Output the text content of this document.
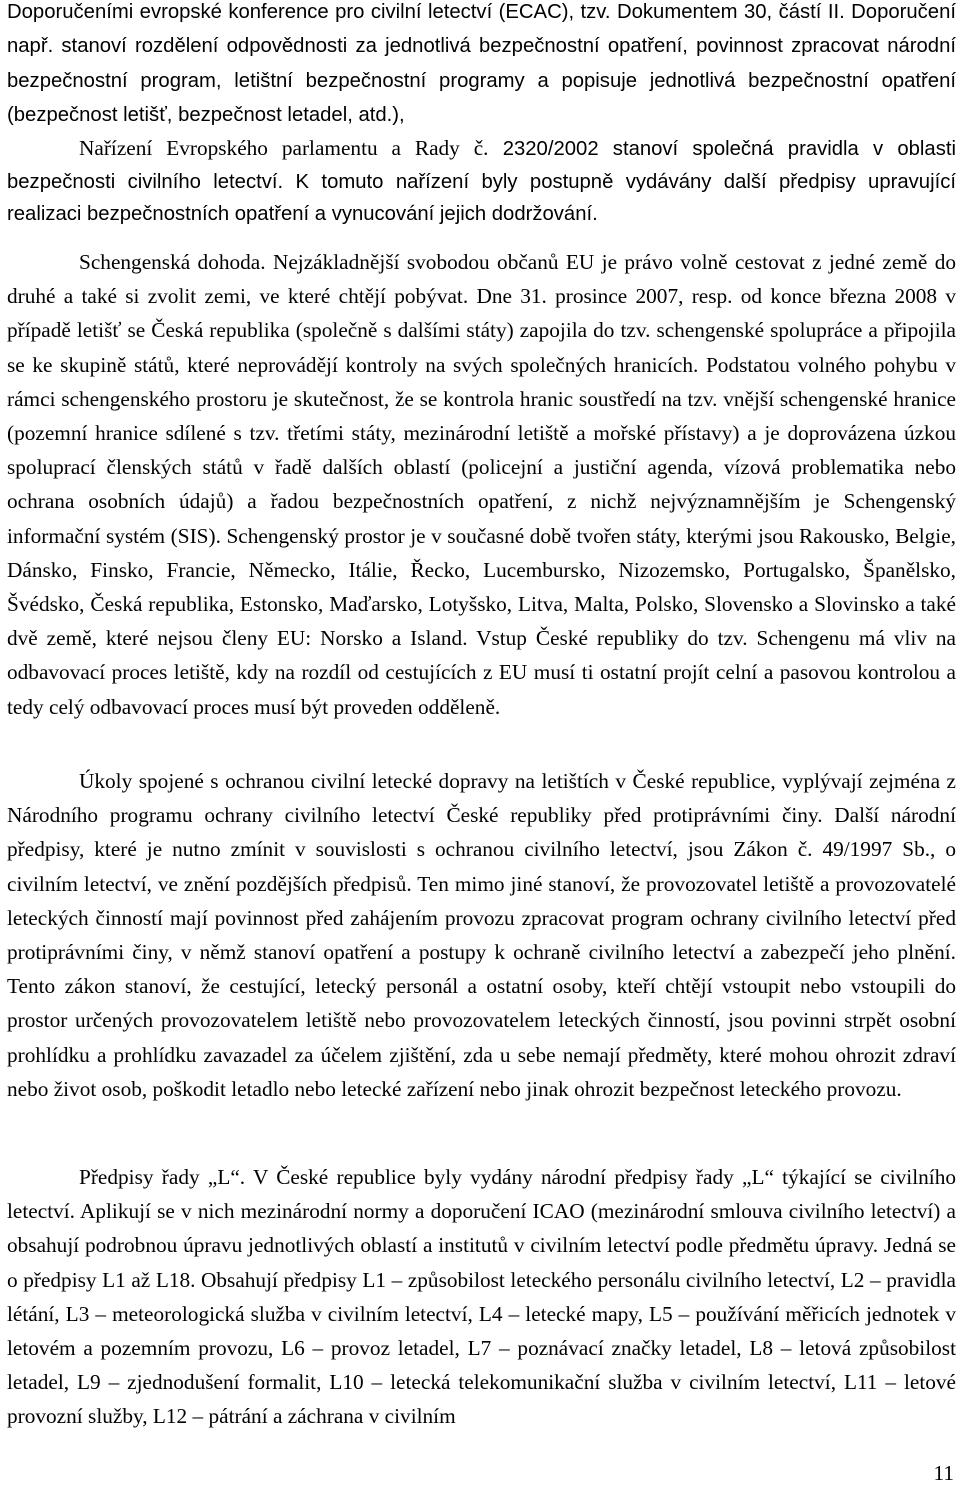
Doporučeními evropské konference pro civilní letectví (ECAC), tzv. Dokumentem 30, částí II. Doporučení např. stanoví rozdělení odpovědnosti za jednotlivá bezpečnostní opatření, povinnost zpracovat národní bezpečnostní program, letištní bezpečnostní programy a popisuje jednotlivá bezpečnostní opatření (bezpečnost letišť, bezpečnost letadel, atd.),

Nařízení Evropského parlamentu a Rady č. 2320/2002 stanoví společná pravidla v oblasti bezpečnosti civilního letectví. K tomuto nařízení byly postupně vydávány další předpisy upravující realizaci bezpečnostních opatření a vynucování jejich dodržování.

Schengenská dohoda. Nejzákladnější svobodou občanů EU je právo volně cestovat z jedné země do druhé a také si zvolit zemi, ve které chtějí pobývat. Dne 31. prosince 2007, resp. od konce března 2008 v případě letišť se Česká republika (společně s dalšími státy) zapojila do tzv. schengenské spolupráce a připojila se ke skupině států, které neprovádějí kontroly na svých společných hranicích. Podstatou volného pohybu v rámci schengenského prostoru je skutečnost, že se kontrola hranic soustředí na tzv. vnější schengenské hranice (pozemní hranice sdílené s tzv. třetími státy, mezinárodní letiště a mořské přístavy) a je doprovázena úzkou spoluprací členských států v řadě dalších oblastí (policejní a justiční agenda, vízová problematika nebo ochrana osobních údajů) a řadou bezpečnostních opatření, z nichž nejvýznamnějším je Schengenský informační systém (SIS). Schengenský prostor je v současné době tvořen státy, kterými jsou Rakousko, Belgie, Dánsko, Finsko, Francie, Německo, Itálie, Řecko, Lucembursko, Nizozemsko, Portugalsko, Španělsko, Švédsko, Česká republika, Estonsko, Maďarsko, Lotyšsko, Litva, Malta, Polsko, Slovensko a Slovinsko a také dvě země, které nejsou členy EU: Norsko a Island. Vstup České republiky do tzv. Schengenu má vliv na odbavovací proces letiště, kdy na rozdíl od cestujících z EU musí ti ostatní projít celní a pasovou kontrolou a tedy celý odbavovací proces musí být proveden odděleně.

Úkoly spojené s ochranou civilní letecké dopravy na letištích v České republice, vyplývají zejména z Národního programu ochrany civilního letectví České republiky před protiprávními činy. Další národní předpisy, které je nutno zmínit v souvislosti s ochranou civilního letectví, jsou Zákon č. 49/1997 Sb., o civilním letectví, ve znění pozdějších předpisů. Ten mimo jiné stanoví, že provozovatel letiště a provozovatelé leteckých činností mají povinnost před zahájením provozu zpracovat program ochrany civilního letectví před protiprávními činy, v němž stanoví opatření a postupy k ochraně civilního letectví a zabezpečí jeho plnění. Tento zákon stanoví, že cestující, letecký personál a ostatní osoby, kteří chtějí vstoupit nebo vstoupili do prostor určených provozovatelem letiště nebo provozovatelem leteckých činností, jsou povinni strpět osobní prohlídku a prohlídku zavazadel za účelem zjištění, zda u sebe nemají předměty, které mohou ohrozit zdraví nebo život osob, poškodit letadlo nebo letecké zařízení nebo jinak ohrozit bezpečnost leteckého provozu.

Předpisy řady „L“. V České republice byly vydány národní předpisy řady „L“ týkající se civilního letectví. Aplikují se v nich mezinárodní normy a doporučení ICAO (mezinárodní smlouva civilního letectví) a obsahují podrobnou úpravu jednotlivých oblastí a institutů v civilním letectví podle předmětu úpravy. Jedná se o předpisy L1 až L18. Obsahují předpisy L1 – způsobilost leteckého personálu civilního letectví, L2 – pravidla létání, L3 – meteorologická služba v civilním letectví, L4 – letecké mapy, L5 – používání měřicích jednotek v letovém a pozemním provozu, L6 – provoz letadel, L7 – poznávací značky letadel, L8 – letová způsobilost letadel, L9 – zjednodušení formalit, L10 – letecká telekomunikační služba v civilním letectví, L11 – letové provozní služby, L12 – pátrání a záchrana v civilním

11
